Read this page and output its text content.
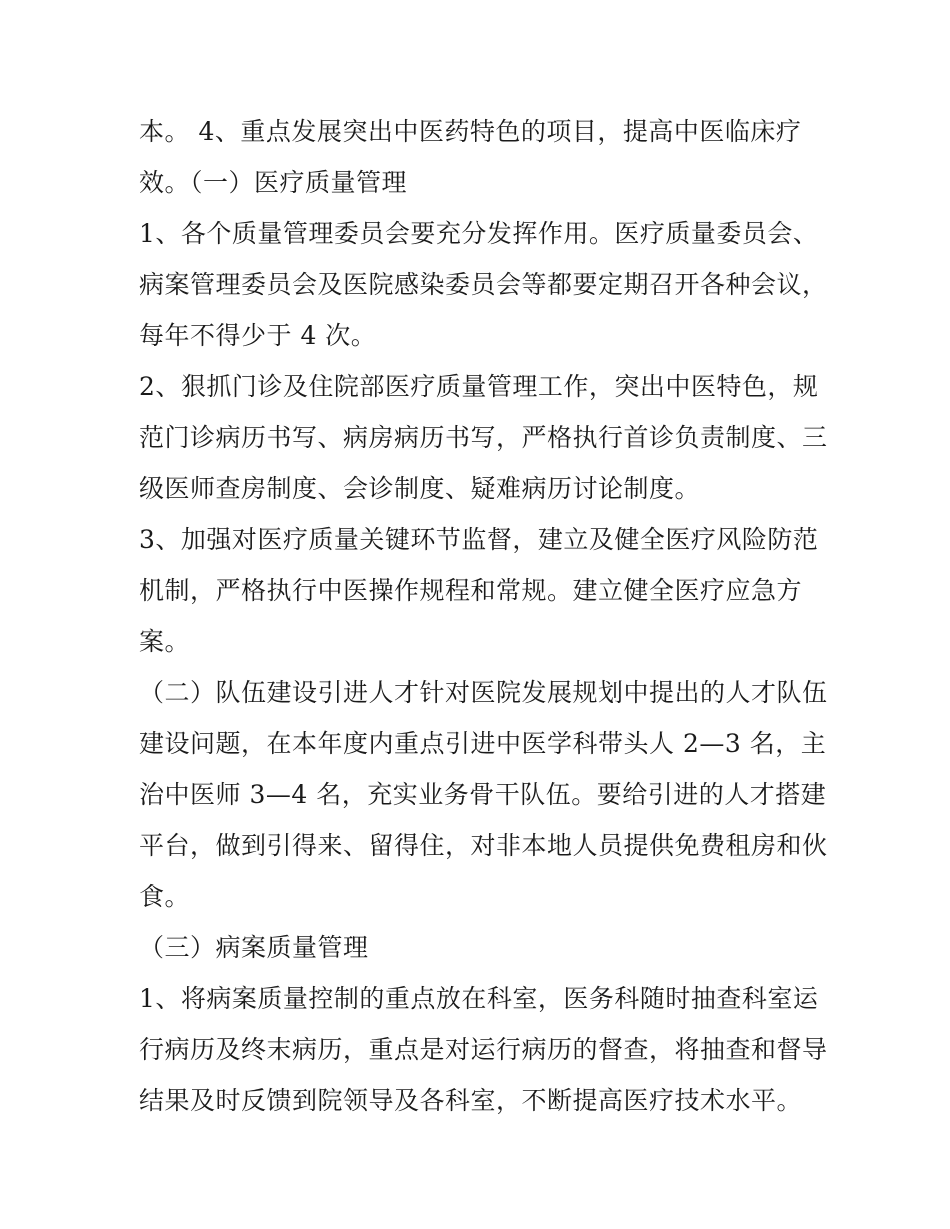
本。 4、重点发展突出中医药特色的项目，提高中医临床疗
效。（一）医疗质量管理
1、各个质量管理委员会要充分发挥作用。医疗质量委员会、
病案管理委员会及医院感染委员会等都要定期召开各种会议，
每年不得少于 4 次。
2、狠抓门诊及住院部医疗质量管理工作，突出中医特色，规
范门诊病历书写、病房病历书写，严格执行首诊负责制度、三
级医师查房制度、会诊制度、疑难病历讨论制度。
3、加强对医疗质量关键环节监督，建立及健全医疗风险防范
机制，严格执行中医操作规程和常规。建立健全医疗应急方
案。
（二）队伍建设引进人才针对医院发展规划中提出的人才队伍
建设问题，在本年度内重点引进中医学科带头人 2—3 名，主
治中医师 3—4 名，充实业务骨干队伍。要给引进的人才搭建
平台，做到引得来、留得住，对非本地人员提供免费租房和伙
食。
（三）病案质量管理
1、将病案质量控制的重点放在科室，医务科随时抽查科室运
行病历及终末病历，重点是对运行病历的督查，将抽查和督导
结果及时反馈到院领导及各科室，不断提高医疗技术水平。
